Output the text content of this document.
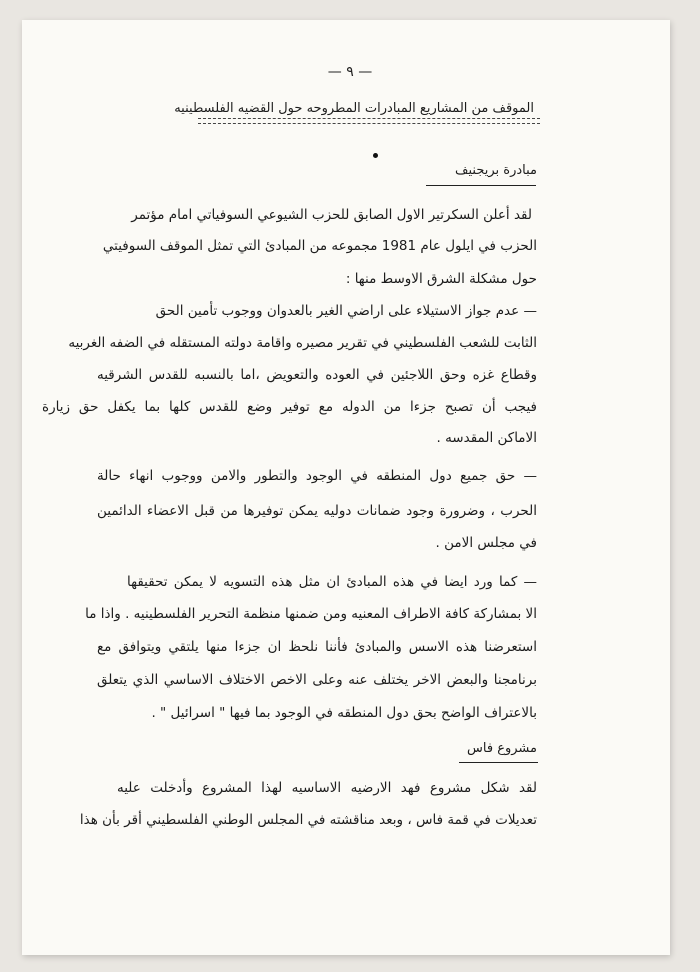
— ٩ —
الموقف من المشاريع المبادرات المطروحه حول القضيه الفلسطينيه
مبادرة بريجنيف
لقد أعلن السكرتير الاول الصابق للحزب الشيوعي السوفياتي امام مؤتمر
الحزب في ايلول عام 1981 مجموعه من المبادئ التي تمثل الموقف السوفيتي
حول مشكلة الشرق الاوسط منها :
— عدم جواز الاستيلاء على اراضي الغير بالعدوان ووجوب تأمين الحق
الثابت للشعب الفلسطيني في تقرير مصيره واقامة دولته المستقله في الضفه الغربيه
وقطاع غزه وحق اللاجئين في العوده والتعويض ،اما بالنسبه للقدس الشرقيه
فيجب أن تصبح جزءا من الدوله مع توفير وضع للقدس كلها بما يكفل حق زيارة
الاماكن المقدسه .
— حق جميع دول المنطقه في الوجود والتطور والامن ووجوب انهاء حالة
الحرب ، وضرورة وجود ضمانات دوليه يمكن توفيرها من قبل الاعضاء الدائمين
في مجلس الامن .
— كما ورد ايضا في هذه المبادئ ان مثل هذه التسويه لا يمكن تحقيقها
الا بمشاركة كافة الاطراف المعنيه ومن ضمنها منظمة التحرير الفلسطينيه . واذا ما
استعرضنا هذه الاسس والمبادئ فأننا نلحظ ان جزءا منها يلتقي ويتوافق مع
برنامجنا والبعض الاخر يختلف عنه وعلى الاخص الاختلاف الاساسي الذي يتعلق
بالاعتراف الواضح بحق دول المنطقه في الوجود بما فيها " اسرائيل " .
مشروع فاس
لقد شكل مشروع فهد الارضيه الاساسيه لهذا المشروع وأدخلت عليه
تعديلات في قمة فاس ، وبعد مناقشته في المجلس الوطني الفلسطيني أقر بأن هذا
